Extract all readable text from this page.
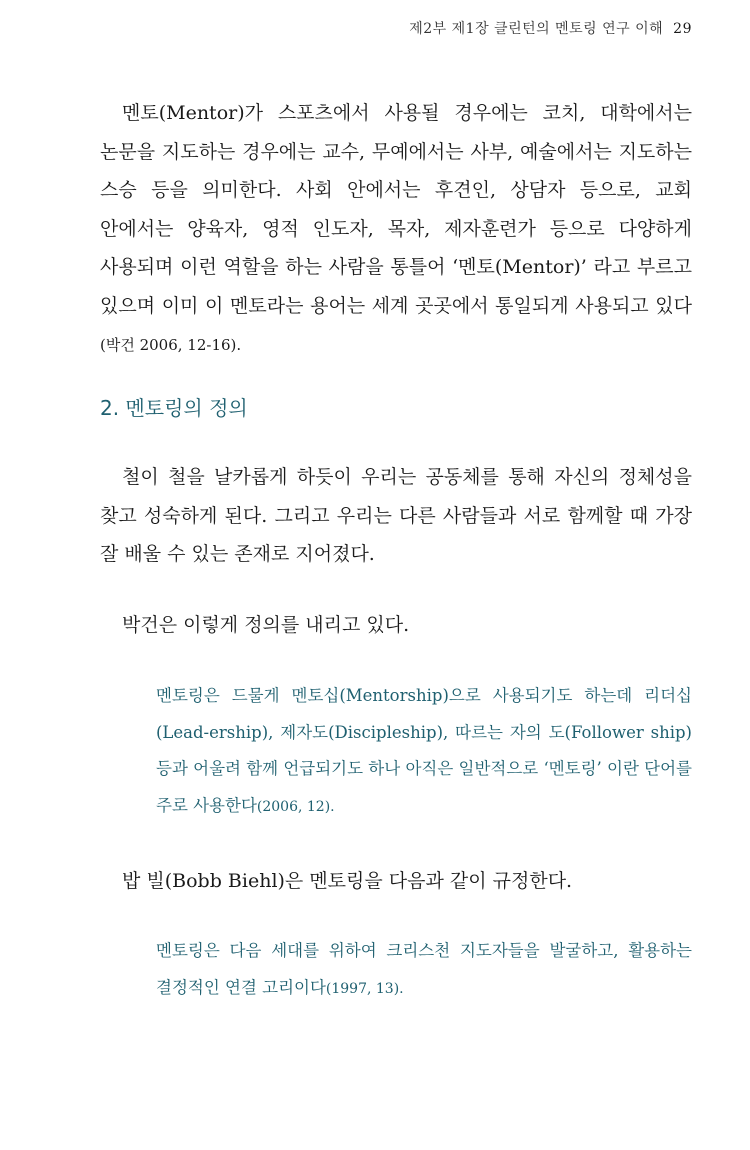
제2부 제1장 클린턴의 멘토링 연구 이해 29

멘토(Mentor)가 스포츠에서 사용될 경우에는 코치, 대학에서는 논문을 지도하는 경우에는 교수, 무예에서는 사부, 예술에서는 지도하는 스승 등을 의미한다. 사회 안에서는 후견인, 상담자 등으로, 교회 안에서는 양육자, 영적 인도자, 목자, 제자훈련가 등으로 다양하게 사용되며 이런 역할을 하는 사람을 통틀어 ‘멘토(Mentor)’ 라고 부르고 있으며 이미 이 멘토라는 용어는 세계 곳곳에서 통일되게 사용되고 있다(박건 2006, 12-16).

2. 멘토링의 정의

철이 철을 날카롭게 하듯이 우리는 공동체를 통해 자신의 정체성을 찾고 성숙하게 된다. 그리고 우리는 다른 사람들과 서로 함께할 때 가장 잘 배울 수 있는 존재로 지어졌다.

박건은 이렇게 정의를 내리고 있다.

멘토링은 드물게 멘토십(Mentorship)으로 사용되기도 하는데 리더십(Lead-ership), 제자도(Discipleship), 따르는 자의 도(Follower ship) 등과 어울려 함께 언급되기도 하나 아직은 일반적으로 ‘멘토링’ 이란 단어를 주로 사용한다(2006, 12).

밥 빌(Bobb Biehl)은 멘토링을 다음과 같이 규정한다.

멘토링은 다음 세대를 위하여 크리스천 지도자들을 발굴하고, 활용하는 결정적인 연결 고리이다(1997, 13).
